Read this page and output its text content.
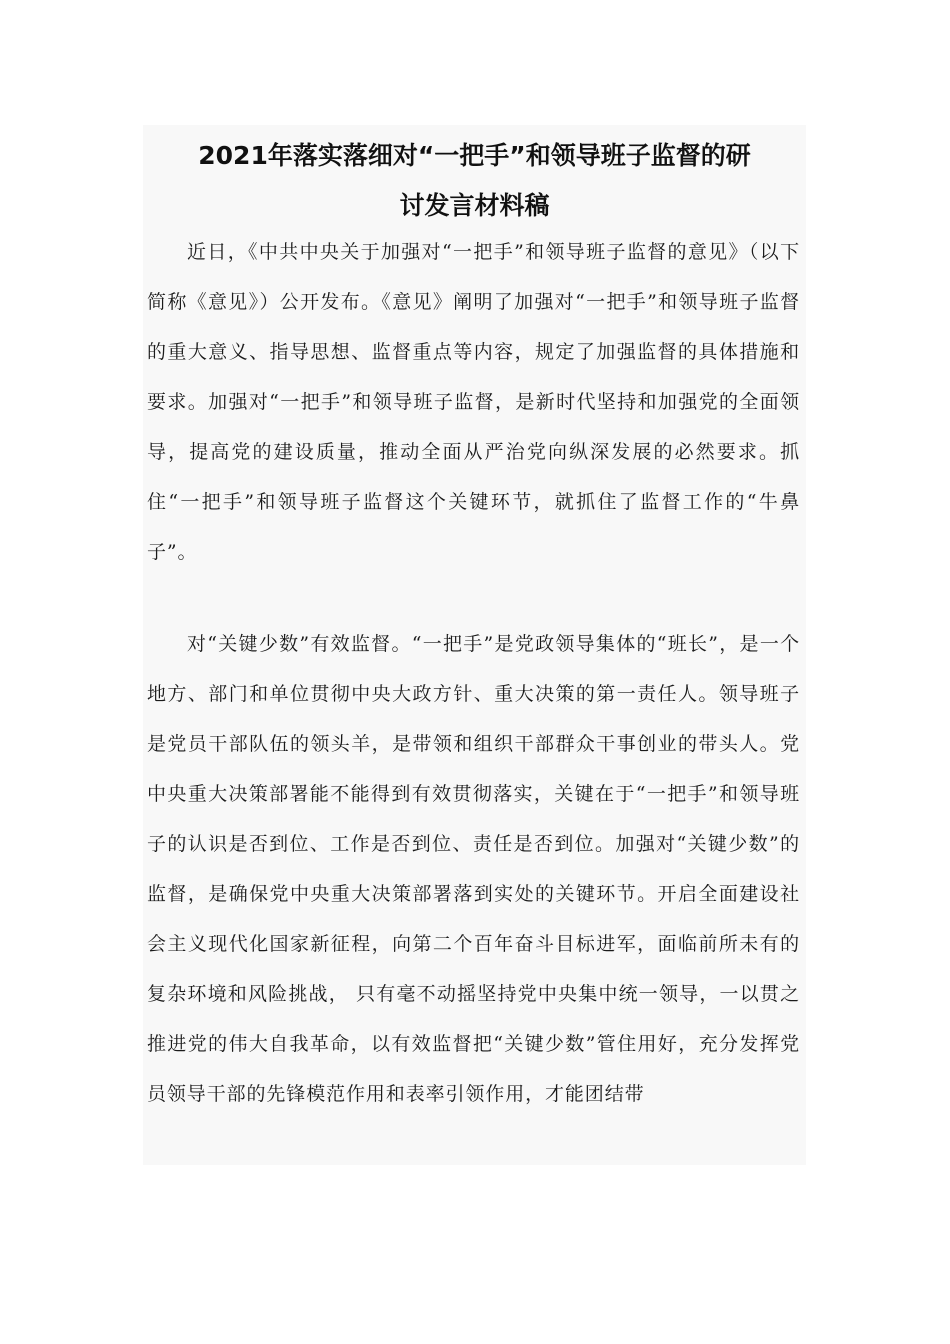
2021年落实落细对“一把手”和领导班子监督的研
讨发言材料稿

近日，《中共中央关于加强对“一把手”和领导班子监督的意见》（以下简称《意见》）公开发布。《意见》阐明了加强对“一把手”和领导班子监督的重大意义、指导思想、监督重点等内容，规定了加强监督的具体措施和要求。加强对“一把手”和领导班子监督，是新时代坚持和加强党的全面领导，提高党的建设质量，推动全面从严治党向纵深发展的必然要求。抓住“一把手”和领导班子监督这个关键环节，就抓住了监督工作的“牛鼻子”。

对“关键少数”有效监督。“一把手”是党政领导集体的“班长”，是一个地方、部门和单位贯彻中央大政方针、重大决策的第一责任人。领导班子是党员干部队伍的领头羊，是带领和组织干部群众干事创业的带头人。党中央重大决策部署能不能得到有效贯彻落实，关键在于“一把手”和领导班子的认识是否到位、工作是否到位、责任是否到位。加强对“关键少数”的监督，是确保党中央重大决策部署落到实处的关键环节。开启全面建设社会主义现代化国家新征程，向第二个百年奋斗目标进军，面临前所未有的复杂环境和风险挑战， 只有毫不动摇坚持党中央集中统一领导，一以贯之推进党的伟大自我革命，以有效监督把“关键少数”管住用好，充分发挥党员领导干部的先锋模范作用和表率引领作用，才能团结带
